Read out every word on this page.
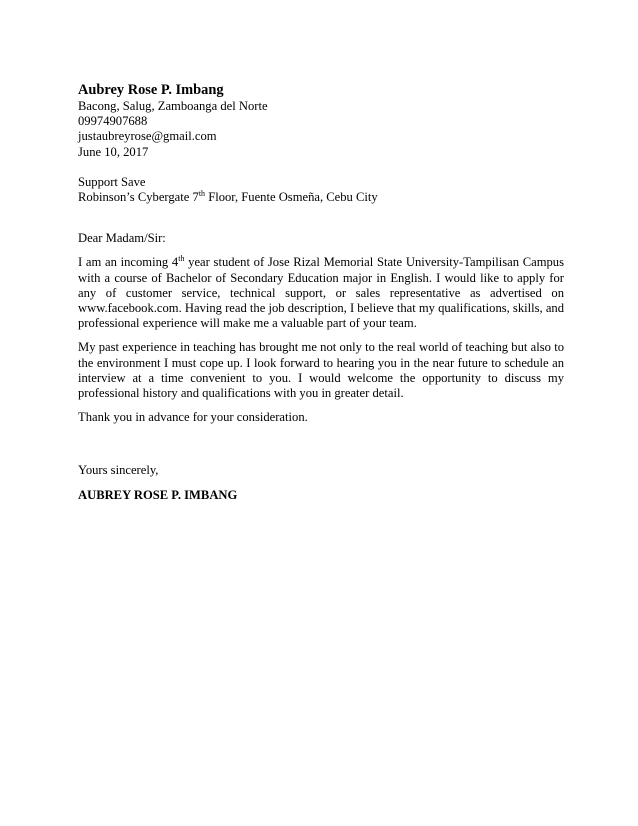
Aubrey Rose P. Imbang

Bacong, Salug, Zamboanga del Norte

09974907688

justaubreyrose@gmail.com

June 10, 2017

Support Save

Robinson’s Cybergate 7th Floor, Fuente Osmeña, Cebu City

Dear Madam/Sir:

I am an incoming 4th year student of Jose Rizal Memorial State University-Tampilisan Campus with a course of Bachelor of Secondary Education major in English. I would like to apply for any of customer service, technical support, or sales representative as advertised on www.facebook.com. Having read the job description, I believe that my qualifications, skills, and professional experience will make me a valuable part of your team.

My past experience in teaching has brought me not only to the real world of teaching but also to the environment I must cope up. I look forward to hearing you in the near future to schedule an interview at a time convenient to you. I would welcome the opportunity to discuss my professional history and qualifications with you in greater detail.

Thank you in advance for your consideration.

Yours sincerely,

AUBREY ROSE P. IMBANG
